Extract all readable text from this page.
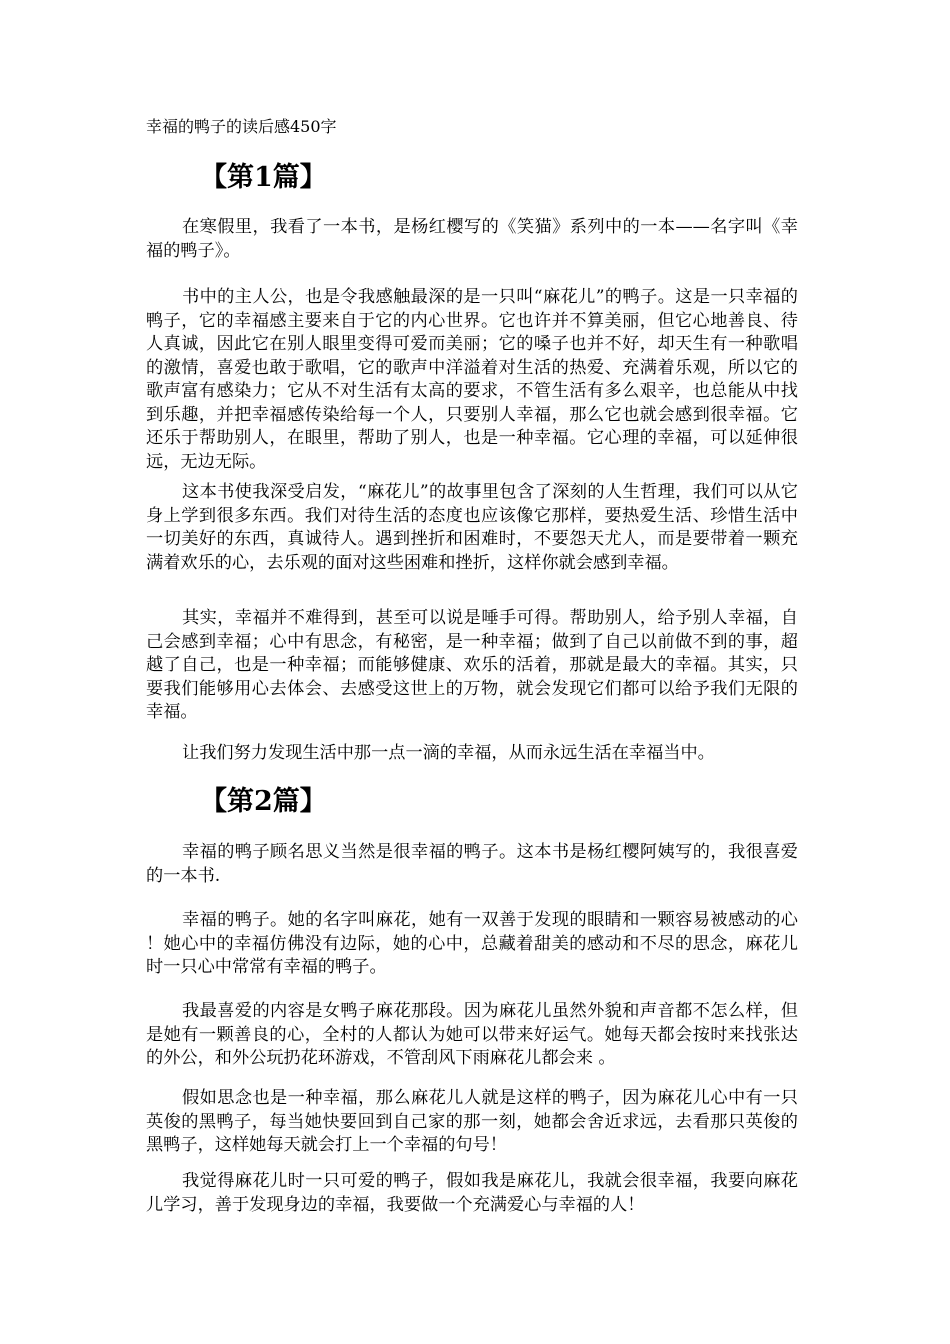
幸福的鸭子的读后感450字
【第1篇】

在寒假里，我看了一本书，是杨红樱写的《笑猫》系列中的一本——名字叫《幸福的鸭子》。

书中的主人公，也是令我感触最深的是一只叫“麻花儿”的鸭子。这是一只幸福的鸭子，它的幸福感主要来自于它的内心世界。它也许并不算美丽，但它心地善良、待人真诚，因此它在别人眼里变得可爱而美丽；它的嗓子也并不好，却天生有一种歌唱的激情，喜爱也敢于歌唱，它的歌声中洋溢着对生活的热爱、充满着乐观，所以它的歌声富有感染力；它从不对生活有太高的要求，不管生活有多么艰辛，也总能从中找到乐趣，并把幸福感传染给每一个人，只要别人幸福，那么它也就会感到很幸福。它还乐于帮助别人，在眼里，帮助了别人，也是一种幸福。它心理的幸福，可以延伸很远，无边无际。

这本书使我深受启发，“麻花儿”的故事里包含了深刻的人生哲理，我们可以从它身上学到很多东西。我们对待生活的态度也应该像它那样，要热爱生活、珍惜生活中一切美好的东西，真诚待人。遇到挫折和困难时，不要怨天尤人，而是要带着一颗充满着欢乐的心，去乐观的面对这些困难和挫折，这样你就会感到幸福。

其实，幸福并不难得到，甚至可以说是唾手可得。帮助别人，给予别人幸福，自己会感到幸福；心中有思念，有秘密，是一种幸福；做到了自己以前做不到的事，超越了自己，也是一种幸福；而能够健康、欢乐的活着，那就是最大的幸福。其实，只要我们能够用心去体会、去感受这世上的万物，就会发现它们都可以给予我们无限的幸福。

让我们努力发现生活中那一点一滴的幸福，从而永远生活在幸福当中。

【第2篇】

幸福的鸭子顾名思义当然是很幸福的鸭子。这本书是杨红樱阿姨写的，我很喜爱的一本书.

幸福的鸭子。她的名字叫麻花，她有一双善于发现的眼睛和一颗容易被感动的心！她心中的幸福仿佛没有边际，她的心中，总藏着甜美的感动和不尽的思念，麻花儿时一只心中常常有幸福的鸭子。

我最喜爱的内容是女鸭子麻花那段。因为麻花儿虽然外貌和声音都不怎么样，但是她有一颗善良的心，全村的人都认为她可以带来好运气。她每天都会按时来找张达的外公，和外公玩扔花环游戏，不管刮风下雨麻花儿都会来 。

假如思念也是一种幸福，那么麻花儿人就是这样的鸭子，因为麻花儿心中有一只英俊的黑鸭子，每当她快要回到自己家的那一刻，她都会舍近求远，去看那只英俊的黑鸭子，这样她每天就会打上一个幸福的句号！

我觉得麻花儿时一只可爱的鸭子，假如我是麻花儿，我就会很幸福，我要向麻花儿学习，善于发现身边的幸福，我要做一个充满爱心与幸福的人！
